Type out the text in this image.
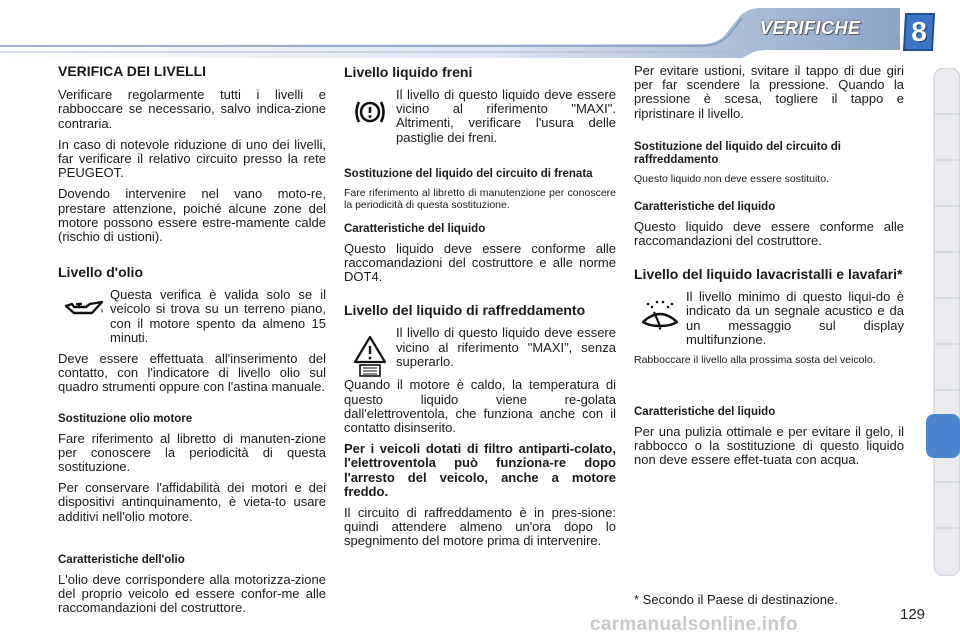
VERIFICHE	8
VERIFICA DEI LIVELLI

Verificare regolarmente tutti i livelli e rabboccare se necessario, salvo indica-zione contraria.

In caso di notevole riduzione di uno dei livelli, far verificare il relativo circuito presso la rete PEUGEOT.

Dovendo intervenire nel vano moto-re, prestare attenzione, poiché alcune zone del motore possono essere estre-mamente calde (rischio di ustioni).

Livello d'olio

Questa verifica è valida solo se il veicolo si trova su un terreno piano, con il motore spento da almeno 15 minuti.

Deve essere effettuata all'inserimento del contatto, con l'indicatore di livello olio sul quadro strumenti oppure con l'astina manuale.

Sostituzione olio motore

Fare riferimento al libretto di manuten-zione per conoscere la periodicità di questa sostituzione.

Per conservare l'affidabilità dei motori e dei dispositivi antinquinamento, è vieta-to usare additivi nell'olio motore.

Caratteristiche dell'olio

L'olio deve corrispondere alla motorizza-zione del proprio veicolo ed essere confor-me alle raccomandazioni del costruttore.

Livello liquido freni

Il livello di questo liquido deve essere vicino al riferimento "MAXI". Altrimenti, verificare l'usura delle pastiglie dei freni.

Sostituzione del liquido del circuito di frenata

Fare riferimento al libretto di manutenzione per conoscere la periodicità di questa sostituzione.

Caratteristiche del liquido

Questo liquido deve essere conforme alle raccomandazioni del costruttore e alle norme DOT4.

Livello del liquido di raffreddamento

Il livello di questo liquido deve essere vicino al riferimento "MAXI", senza superarlo.

Quando il motore è caldo, la temperatura di questo liquido viene re-golata dall'elettroventola, che funziona anche con il contatto disinserito.

Per i veicoli dotati di filtro antiparti-colato, l'elettroventola può funziona-re dopo l'arresto del veicolo, anche a motore freddo.

Il circuito di raffreddamento è in pres-sione: quindi attendere almeno un'ora dopo lo spegnimento del motore prima di intervenire.

Per evitare ustioni, svitare il tappo di due giri per far scendere la pressione. Quando la pressione è scesa, togliere il tappo e ripristinare il livello.

Sostituzione del liquido del circuito di raffreddamento

Questo liquido non deve essere sostituito.

Caratteristiche del liquido

Questo liquido deve essere conforme alle raccomandazioni del costruttore.

Livello del liquido lavacristalli e lavafari*

Il livello minimo di questo liqui-do è indicato da un segnale acustico e da un messaggio sul display multifunzione.

Rabboccare il livello alla prossima sosta del veicolo.

Caratteristiche del liquido

Per una pulizia ottimale e per evitare il gelo, il rabbocco o la sostituzione di questo liquido non deve essere effet-tuata con acqua.

* Secondo il Paese di destinazione.
carmanualsonline.info	129
